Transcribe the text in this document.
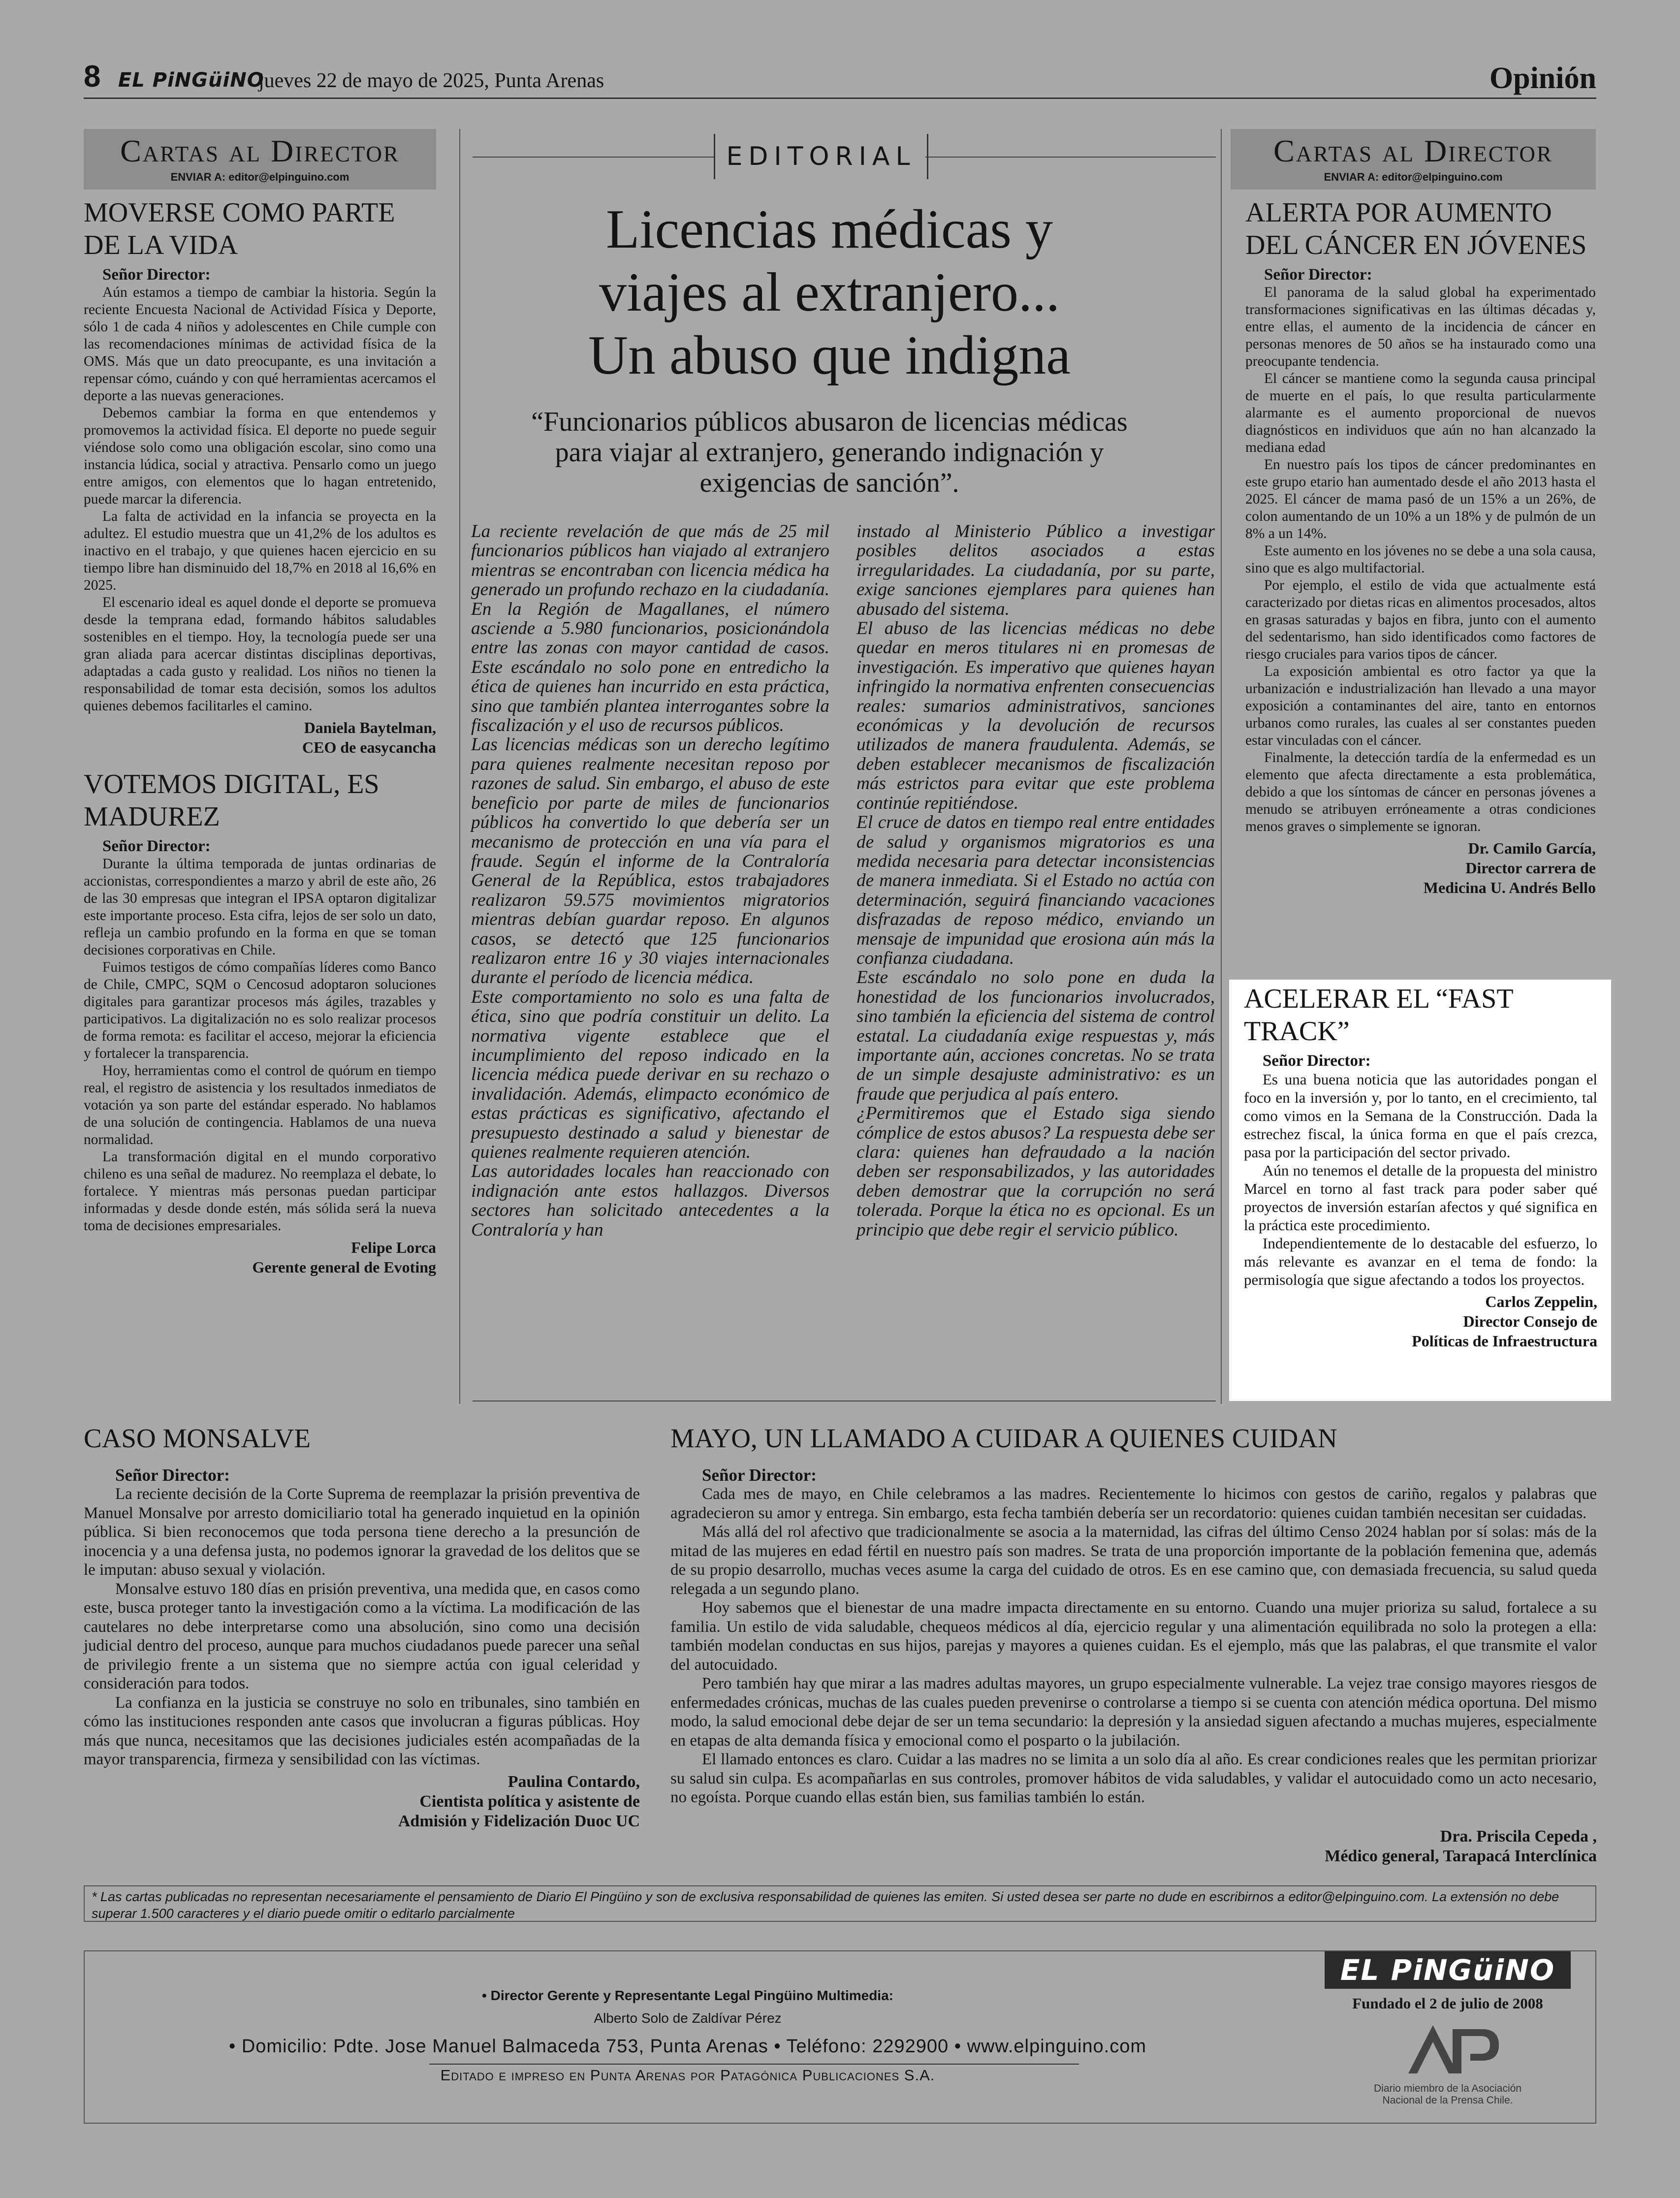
8 EL PiNGüiNO
jueves 22 de mayo de 2025, Punta Arenas	Opinión
Cartas al Director
ENVIAR A: editor@elpinguino.com
MOVERSE COMO PARTE DE LA VIDA

Señor Director:

Aún estamos a tiempo de cambiar la historia. Según la reciente Encuesta Nacional de Actividad Física y Deporte, sólo 1 de cada 4 niños y adolescentes en Chile cumple con las recomendaciones mínimas de actividad física de la OMS. Más que un dato preocupante, es una invitación a repensar cómo, cuándo y con qué herramientas acercamos el deporte a las nuevas generaciones.

Debemos cambiar la forma en que entendemos y promovemos la actividad física. El deporte no puede seguir viéndose solo como una obligación escolar, sino como una instancia lúdica, social y atractiva. Pensarlo como un juego entre amigos, con elementos que lo hagan entretenido, puede marcar la diferencia.

La falta de actividad en la infancia se proyecta en la adultez. El estudio muestra que un 41,2% de los adultos es inactivo en el trabajo, y que quienes hacen ejercicio en su tiempo libre han disminuido del 18,7% en 2018 al 16,6% en 2025.

El escenario ideal es aquel donde el deporte se promueva desde la temprana edad, formando hábitos saludables sostenibles en el tiempo. Hoy, la tecnología puede ser una gran aliada para acercar distintas disciplinas deportivas, adaptadas a cada gusto y realidad. Los niños no tienen la responsabilidad de tomar esta decisión, somos los adultos quienes debemos facilitarles el camino.

Daniela Baytelman,
CEO de easycancha
VOTEMOS DIGITAL, ES MADUREZ

Señor Director:

Durante la última temporada de juntas ordinarias de accionistas, correspondientes a marzo y abril de este año, 26 de las 30 empresas que integran el IPSA optaron digitalizar este importante proceso. Esta cifra, lejos de ser solo un dato, refleja un cambio profundo en la forma en que se toman decisiones corporativas en Chile.

Fuimos testigos de cómo compañías líderes como Banco de Chile, CMPC, SQM o Cencosud adoptaron soluciones digitales para garantizar procesos más ágiles, trazables y participativos. La digitalización no es solo realizar procesos de forma remota: es facilitar el acceso, mejorar la eficiencia y fortalecer la transparencia.

Hoy, herramientas como el control de quórum en tiempo real, el registro de asistencia y los resultados inmediatos de votación ya son parte del estándar esperado. No hablamos de una solución de contingencia. Hablamos de una nueva normalidad.

La transformación digital en el mundo corporativo chileno es una señal de madurez. No reemplaza el debate, lo fortalece. Y mientras más personas puedan participar informadas y desde donde estén, más sólida será la nueva toma de decisiones empresariales.

Felipe Lorca
Gerente general de Evoting
EDITORIAL
Licencias médicas y
viajes al extranjero...
Un abuso que indigna
“Funcionarios públicos abusaron de licencias médicas
para viajar al extranjero, generando indignación y
exigencias de sanción”.

La reciente revelación de que más de 25 mil funcionarios públicos han viajado al extranjero mientras se encontraban con licencia médica ha generado un profundo rechazo en la ciudadanía. En la Región de Magallanes, el número asciende a 5.980 funcionarios, posicionándola entre las zonas con mayor cantidad de casos. Este escándalo no solo pone en entredicho la ética de quienes han incurrido en esta práctica, sino que también plantea interrogantes sobre la fiscalización y el uso de recursos públicos.

Las licencias médicas son un derecho legítimo para quienes realmente necesitan reposo por razones de salud. Sin embargo, el abuso de este beneficio por parte de miles de funcionarios públicos ha convertido lo que debería ser un mecanismo de protección en una vía para el fraude. Según el informe de la Contraloría General de la República, estos trabajadores realizaron 59.575 movimientos migratorios mientras debían guardar reposo. En algunos casos, se detectó que 125 funcionarios realizaron entre 16 y 30 viajes internacionales durante el período de licencia médica.

Este comportamiento no solo es una falta de ética, sino que podría constituir un delito. La normativa vigente establece que el incumplimiento del reposo indicado en la licencia médica puede derivar en su rechazo o invalidación. Además, elimpacto económico de estas prácticas es significativo, afectando el presupuesto destinado a salud y bienestar de quienes realmente requieren atención.

Las autoridades locales han reaccionado con indignación ante estos hallazgos. Diversos sectores han solicitado antecedentes a la Contraloría y han

instado al Ministerio Público a investigar posibles delitos asociados a estas irregularidades. La ciudadanía, por su parte, exige sanciones ejemplares para quienes han abusado del sistema.

El abuso de las licencias médicas no debe quedar en meros titulares ni en promesas de investigación. Es imperativo que quienes hayan infringido la normativa enfrenten consecuencias reales: sumarios administrativos, sanciones económicas y la devolución de recursos utilizados de manera fraudulenta. Además, se deben establecer mecanismos de fiscalización más estrictos para evitar que este problema continúe repitiéndose.

El cruce de datos en tiempo real entre entidades de salud y organismos migratorios es una medida necesaria para detectar inconsistencias de manera inmediata. Si el Estado no actúa con determinación, seguirá financiando vacaciones disfrazadas de reposo médico, enviando un mensaje de impunidad que erosiona aún más la confianza ciudadana.

Este escándalo no solo pone en duda la honestidad de los funcionarios involucrados, sino también la eficiencia del sistema de control estatal. La ciudadanía exige respuestas y, más importante aún, acciones concretas. No se trata de un simple desajuste administrativo: es un fraude que perjudica al país entero.

¿Permitiremos que el Estado siga siendo cómplice de estos abusos? La respuesta debe ser clara: quienes han defraudado a la nación deben ser responsabilizados, y las autoridades deben demostrar que la corrupción no será tolerada. Porque la ética no es opcional. Es un principio que debe regir el servicio público.

Cartas al Director
ENVIAR A: editor@elpinguino.com
ALERTA POR AUMENTO DEL CÁNCER EN JÓVENES

Señor Director:

El panorama de la salud global ha experimentado transformaciones significativas en las últimas décadas y, entre ellas, el aumento de la incidencia de cáncer en personas menores de 50 años se ha instaurado como una preocupante tendencia.

El cáncer se mantiene como la segunda causa principal de muerte en el país, lo que resulta particularmente alarmante es el aumento proporcional de nuevos diagnósticos en individuos que aún no han alcanzado la mediana edad

En nuestro país los tipos de cáncer predominantes en este grupo etario han aumentado desde el año 2013 hasta el 2025. El cáncer de mama pasó de un 15% a un 26%, de colon aumentando de un 10% a un 18% y de pulmón de un 8% a un 14%.

Este aumento en los jóvenes no se debe a una sola causa, sino que es algo multifactorial.

Por ejemplo, el estilo de vida que actualmente está caracterizado por dietas ricas en alimentos procesados, altos en grasas saturadas y bajos en fibra, junto con el aumento del sedentarismo, han sido identificados como factores de riesgo cruciales para varios tipos de cáncer.

La exposición ambiental es otro factor ya que la urbanización e industrialización han llevado a una mayor exposición a contaminantes del aire, tanto en entornos urbanos como rurales, las cuales al ser constantes pueden estar vinculadas con el cáncer.

Finalmente, la detección tardía de la enfermedad es un elemento que afecta directamente a esta problemática, debido a que los síntomas de cáncer en personas jóvenes a menudo se atribuyen erróneamente a otras condiciones menos graves o simplemente se ignoran.

Dr. Camilo García,
Director carrera de
Medicina U. Andrés Bello
ACELERAR EL “FAST TRACK”

Señor Director:

Es una buena noticia que las autoridades pongan el foco en la inversión y, por lo tanto, en el crecimiento, tal como vimos en la Semana de la Construcción. Dada la estrechez fiscal, la única forma en que el país crezca, pasa por la participación del sector privado.

Aún no tenemos el detalle de la propuesta del ministro Marcel en torno al fast track para poder saber qué proyectos de inversión estarían afectos y qué significa en la práctica este procedimiento.

Independientemente de lo destacable del esfuerzo, lo más relevante es avanzar en el tema de fondo: la permisología que sigue afectando a todos los proyectos.

Carlos Zeppelin,
Director Consejo de
Políticas de Infraestructura
CASO MONSALVE

Señor Director:

La reciente decisión de la Corte Suprema de reemplazar la prisión preventiva de Manuel Monsalve por arresto domiciliario total ha generado inquietud en la opinión pública. Si bien reconocemos que toda persona tiene derecho a la presunción de inocencia y a una defensa justa, no podemos ignorar la gravedad de los delitos que se le imputan: abuso sexual y violación.

Monsalve estuvo 180 días en prisión preventiva, una medida que, en casos como este, busca proteger tanto la investigación como a la víctima. La modificación de las cautelares no debe interpretarse como una absolución, sino como una decisión judicial dentro del proceso, aunque para muchos ciudadanos puede parecer una señal de privilegio frente a un sistema que no siempre actúa con igual celeridad y consideración para todos.

La confianza en la justicia se construye no solo en tribunales, sino también en cómo las instituciones responden ante casos que involucran a figuras públicas. Hoy más que nunca, necesitamos que las decisiones judiciales estén acompañadas de la mayor transparencia, firmeza y sensibilidad con las víctimas.

Paulina Contardo,
Cientista política y asistente de
Admisión y Fidelización Duoc UC
MAYO, UN LLAMADO A CUIDAR A QUIENES CUIDAN

Señor Director:

Cada mes de mayo, en Chile celebramos a las madres. Recientemente lo hicimos con gestos de cariño, regalos y palabras que agradecieron su amor y entrega. Sin embargo, esta fecha también debería ser un recordatorio: quienes cuidan también necesitan ser cuidadas.

Más allá del rol afectivo que tradicionalmente se asocia a la maternidad, las cifras del último Censo 2024 hablan por sí solas: más de la mitad de las mujeres en edad fértil en nuestro país son madres. Se trata de una proporción importante de la población femenina que, además de su propio desarrollo, muchas veces asume la carga del cuidado de otros. Es en ese camino que, con demasiada frecuencia, su salud queda relegada a un segundo plano.

Hoy sabemos que el bienestar de una madre impacta directamente en su entorno. Cuando una mujer prioriza su salud, fortalece a su familia. Un estilo de vida saludable, chequeos médicos al día, ejercicio regular y una alimentación equilibrada no solo la protegen a ella: también modelan conductas en sus hijos, parejas y mayores a quienes cuidan. Es el ejemplo, más que las palabras, el que transmite el valor del autocuidado.

Pero también hay que mirar a las madres adultas mayores, un grupo especialmente vulnerable. La vejez trae consigo mayores riesgos de enfermedades crónicas, muchas de las cuales pueden prevenirse o controlarse a tiempo si se cuenta con atención médica oportuna. Del mismo modo, la salud emocional debe dejar de ser un tema secundario: la depresión y la ansiedad siguen afectando a muchas mujeres, especialmente en etapas de alta demanda física y emocional como el posparto o la jubilación.

El llamado entonces es claro. Cuidar a las madres no se limita a un solo día al año. Es crear condiciones reales que les permitan priorizar su salud sin culpa. Es acompañarlas en sus controles, promover hábitos de vida saludables, y validar el autocuidado como un acto necesario, no egoísta. Porque cuando ellas están bien, sus familias también lo están.

Dra. Priscila Cepeda ,
Médico general, Tarapacá Interclínica
* Las cartas publicadas no representan necesariamente el pensamiento de Diario El Pingüino y son de exclusiva responsabilidad de quienes las emiten. Si usted desea ser parte no dude en escribirnos a editor@elpinguino.com. La extensión no debe superar 1.500 caracteres y el diario puede omitir o editarlo parcialmente
• Director Gerente y Representante Legal Pingüino Multimedia:
Alberto Solo de Zaldívar Pérez
• Domicilio: Pdte. Jose Manuel Balmaceda 753, Punta Arenas • Teléfono: 2292900 • www.elpinguino.com
Editado e impreso en Punta Arenas por Patagónica Publicaciones S.A.
EL PiNGüiNO
Fundado el 2 de julio de 2008
ANP
Diario miembro de la Asociación
Nacional de la Prensa Chile.
